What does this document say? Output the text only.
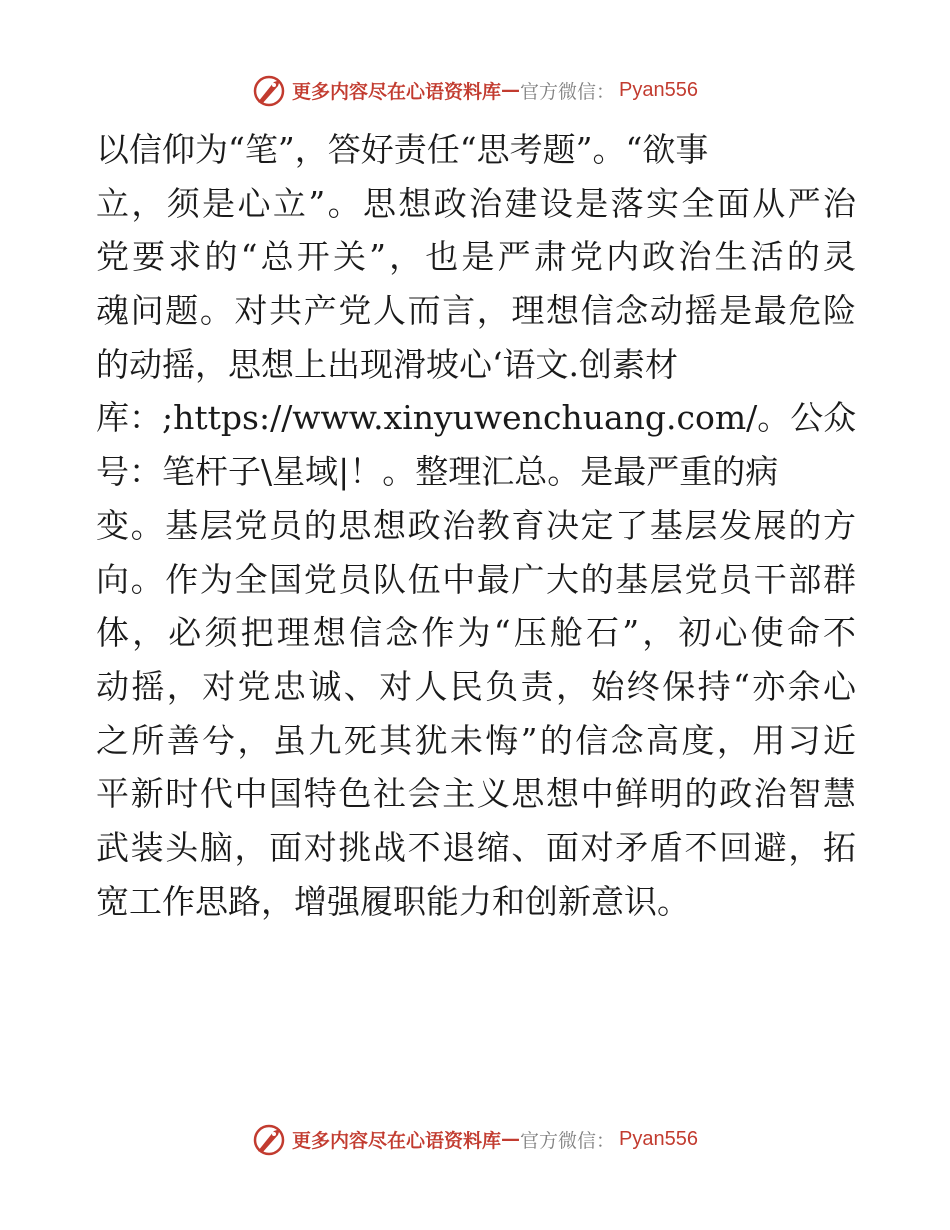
更多内容尽在心语资料库 — 官方微信： Pyan556
以信仰为“笔”，答好责任“思考题”。“欲事
立，须是心立”。思想政治建设是落实全面从严治
党要求的“总开关”，也是严肃党内政治生活的灵
魂问题。对共产党人而言，理想信念动摇是最危险
的动摇，思想上出现滑坡心‘语文.创素材
库：;https://www.xinyuwenchuang.com/。公众
号：笔杆子\星域|！。整理汇总。是最严重的病
变。基层党员的思想政治教育决定了基层发展的方
向。作为全国党员队伍中最广大的基层党员干部群
体，必须把理想信念作为“压舱石”，初心使命不
动摇，对党忠诚、对人民负责，始终保持“亦余心
之所善兮，虽九死其犹未悔”的信念高度，用习近
平新时代中国特色社会主义思想中鲜明的政治智慧
武装头脑，面对挑战不退缩、面对矛盾不回避，拓
宽工作思路，增强履职能力和创新意识。
更多内容尽在心语资料库 — 官方微信： Pyan556
